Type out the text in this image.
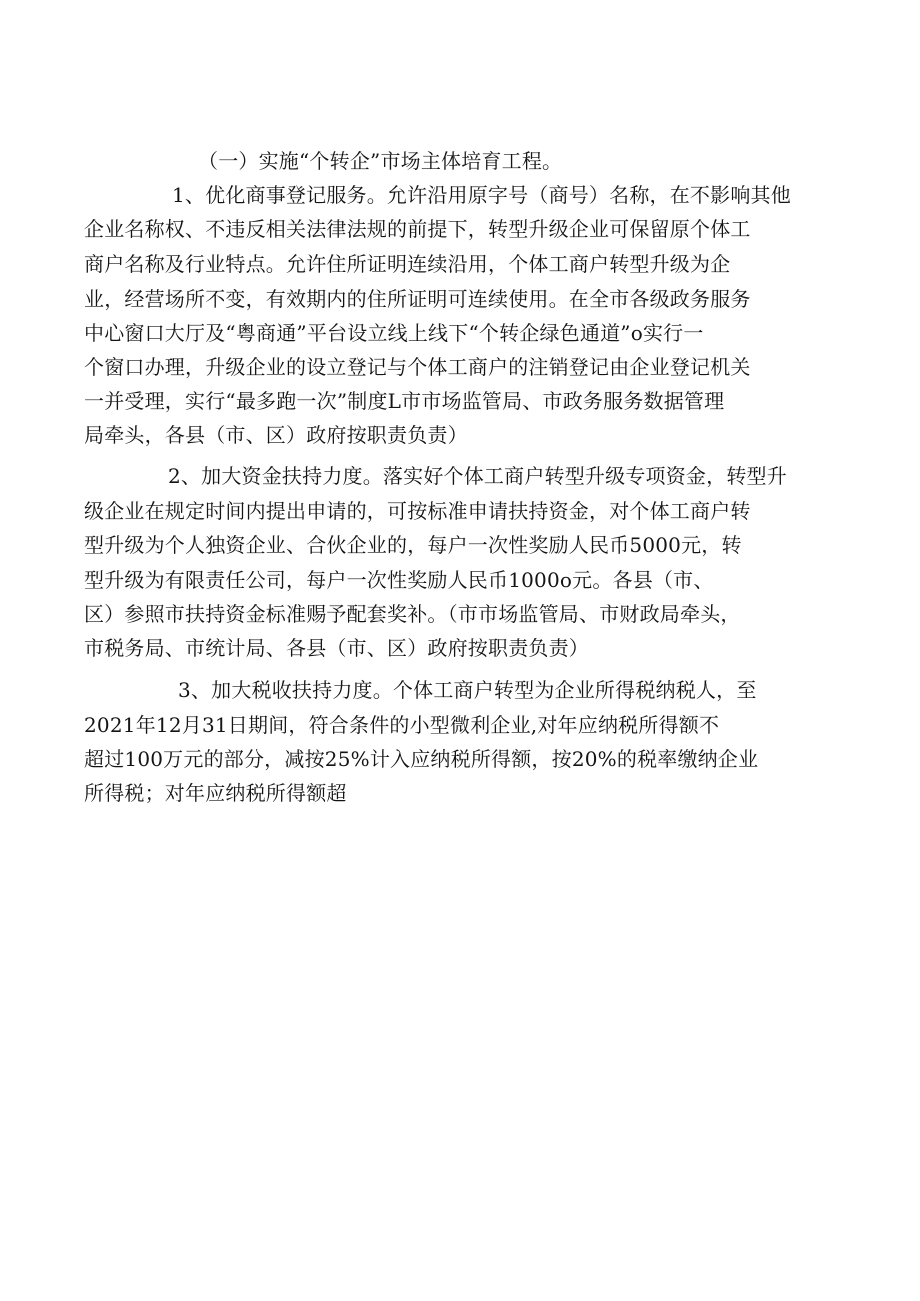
（一）实施“个转企”市场主体培育工程。

1、优化商事登记服务。允许沿用原字号（商号）名称，在不影响其他

企业名称权、不违反相关法律法规的前提下，转型升级企业可保留原个体工

商户名称及行业特点。允许住所证明连续沿用，个体工商户转型升级为企

业，经营场所不变，有效期内的住所证明可连续使用。在全市各级政务服务

中心窗口大厅及“粤商通”平台设立线上线下“个转企绿色通道”o实行一

个窗口办理，升级企业的设立登记与个体工商户的注销登记由企业登记机关

一并受理，实行“最多跑一次”制度L市市场监管局、市政务服务数据管理

局牵头，各县（市、区）政府按职责负责）

2、加大资金扶持力度。落实好个体工商户转型升级专项资金，转型升

级企业在规定时间内提出申请的，可按标准申请扶持资金，对个体工商户转

型升级为个人独资企业、合伙企业的，每户一次性奖励人民币5000元，转

型升级为有限责任公司，每户一次性奖励人民币1000o元。各县（市、

区）参照市扶持资金标准赐予配套奖补。（市市场监管局、市财政局牵头，

市税务局、市统计局、各县（市、区）政府按职责负责）

3、加大税收扶持力度。个体工商户转型为企业所得税纳税人，至

2021年12月31日期间，符合条件的小型微利企业,对年应纳税所得额不

超过100万元的部分，减按25%计入应纳税所得额，按20%的税率缴纳企业

所得税；对年应纳税所得额超
